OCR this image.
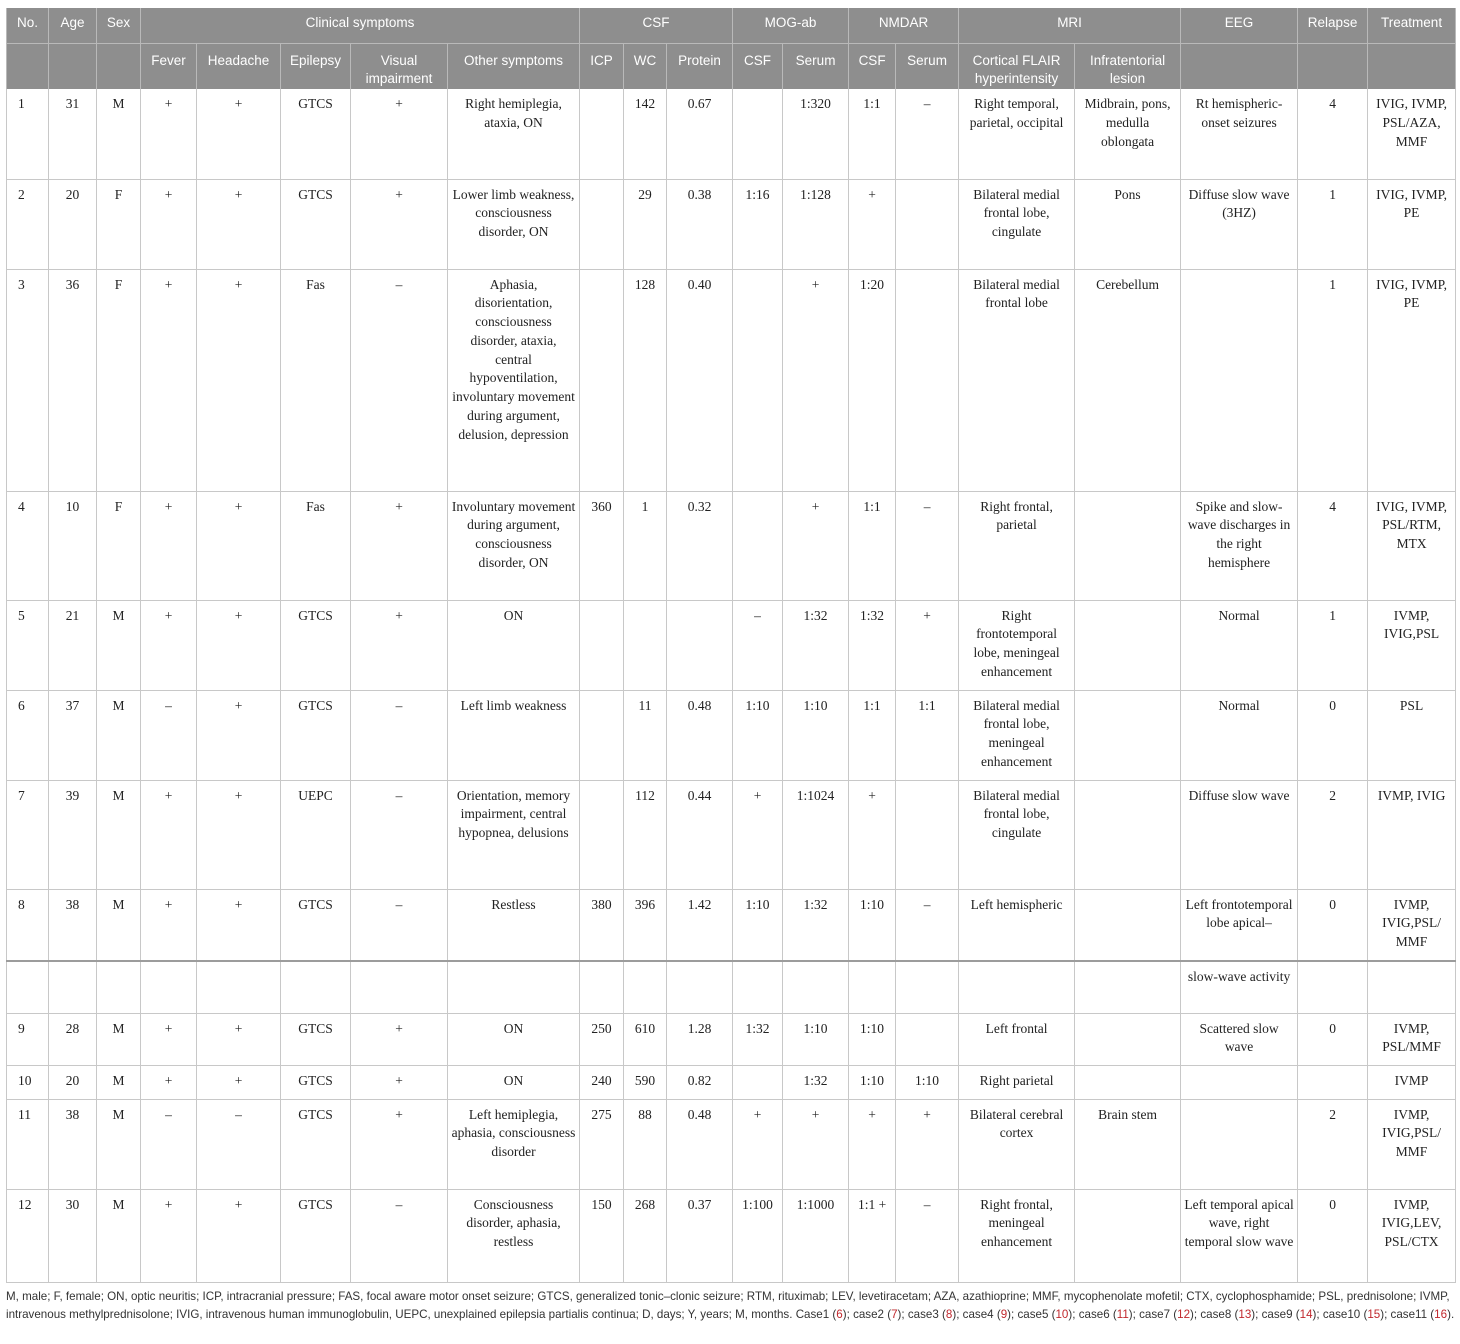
No.	Age	Sex	Clinical symptoms					CSF			MOG-ab		NMDAR		MRI		EEG	Relapse	Treatment
			Fever	Headache	Epilepsy	Visual impairment	Other symptoms	ICP	WC	Protein	CSF	Serum	CSF	Serum	Cortical FLAIR hyperintensity	Infratentorial lesion			
1	31	M	+	+	GTCS	+	Right hemiplegia, ataxia, ON		142	0.67		1:320	1:1	–	Right temporal, parietal, occipital	Midbrain, pons, medulla oblongata	Rt hemispheric-onset seizures	4	IVIG, IVMP, PSL/AZA, MMF
2	20	F	+	+	GTCS	+	Lower limb weakness, consciousness disorder, ON		29	0.38	1:16	1:128	+		Bilateral medial frontal lobe, cingulate	Pons	Diffuse slow wave (3HZ)	1	IVIG, IVMP, PE
3	36	F	+	+	Fas	–	Aphasia, disorientation, consciousness disorder, ataxia, central hypoventilation, involuntary movement during argument, delusion, depression		128	0.40		+	1:20		Bilateral medial frontal lobe	Cerebellum		1	IVIG, IVMP, PE
4	10	F	+	+	Fas	+	Involuntary movement during argument, consciousness disorder, ON	360	1	0.32		+	1:1	–	Right frontal, parietal		Spike and slow-wave discharges in the right hemisphere	4	IVIG, IVMP, PSL/RTM, MTX
5	21	M	+	+	GTCS	+	ON				–	1:32	1:32	+	Right frontotemporal lobe, meningeal enhancement		Normal	1	IVMP, IVIG,PSL
6	37	M	–	+	GTCS	–	Left limb weakness		11	0.48	1:10	1:10	1:1	1:1	Bilateral medial frontal lobe, meningeal enhancement		Normal	0	PSL
7	39	M	+	+	UEPC	–	Orientation, memory impairment, central hypopnea, delusions		112	0.44	+	1:1024	+		Bilateral medial frontal lobe, cingulate		Diffuse slow wave	2	IVMP, IVIG
8	38	M	+	+	GTCS	–	Restless	380	396	1.42	1:10	1:32	1:10	–	Left hemispheric		Left frontotemporal lobe apical–	0	IVMP, IVIG,PSL/ MMF
																	slow-wave activity		
9	28	M	+	+	GTCS	+	ON	250	610	1.28	1:32	1:10	1:10		Left frontal		Scattered slow wave	0	IVMP, PSL/MMF
10	20	M	+	+	GTCS	+	ON	240	590	0.82		1:32	1:10	1:10	Right parietal				IVMP
11	38	M	–	–	GTCS	+	Left hemiplegia, aphasia, consciousness disorder	275	88	0.48	+	+	+	+	Bilateral cerebral cortex	Brain stem		2	IVMP, IVIG,PSL/ MMF
12	30	M	+	+	GTCS	–	Consciousness disorder, aphasia, restless	150	268	0.37	1:100	1:1000	1:1 +	–	Right frontal, meningeal enhancement		Left temporal apical wave, right temporal slow wave	0	IVMP, IVIG,LEV, PSL/CTX

M, male; F, female; ON, optic neuritis; ICP, intracranial pressure; FAS, focal aware motor onset seizure; GTCS, generalized tonic–clonic seizure; RTM, rituximab; LEV, levetiracetam; AZA, azathioprine; MMF, mycophenolate mofetil; CTX, cyclophosphamide; PSL, prednisolone; IVMP, intravenous methylprednisolone; IVIG, intravenous human immunoglobulin, UEPC, unexplained epilepsia partialis continua; D, days; Y, years; M, months. Case1 (6); case2 (7); case3 (8); case4 (9); case5 (10); case6 (11); case7 (12); case8 (13); case9 (14); case10 (15); case11 (16).
